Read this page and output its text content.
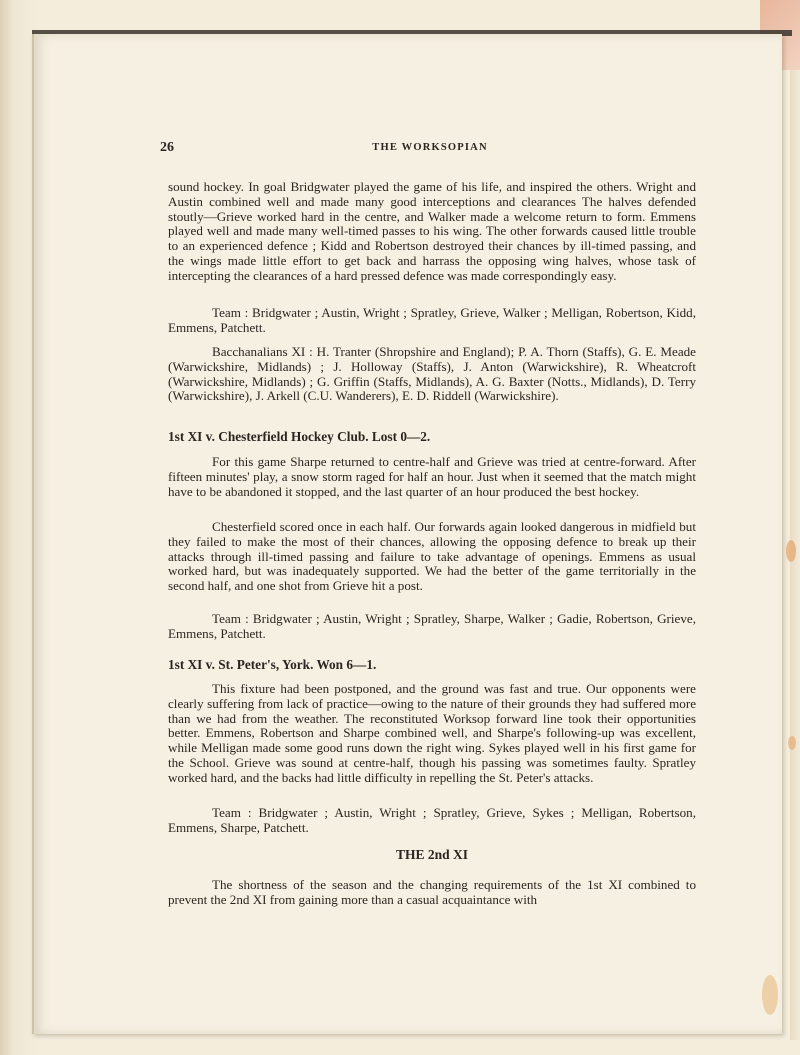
26	THE WORKSOPIAN

sound hockey. In goal Bridgwater played the game of his life, and inspired the others. Wright and Austin combined well and made many good interceptions and clearances The halves defended stoutly—Grieve worked hard in the centre, and Walker made a welcome return to form. Emmens played well and made many well-timed passes to his wing. The other forwards caused little trouble to an experienced defence ; Kidd and Robertson destroyed their chances by ill-timed passing, and the wings made little effort to get back and harrass the opposing wing halves, whose task of intercepting the clearances of a hard pressed defence was made correspondingly easy.

Team : Bridgwater ; Austin, Wright ; Spratley, Grieve, Walker ; Melligan, Robertson, Kidd, Emmens, Patchett.

Bacchanalians XI : H. Tranter (Shropshire and England); P. A. Thorn (Staffs), G. E. Meade (Warwickshire, Midlands) ; J. Holloway (Staffs), J. Anton (Warwickshire), R. Wheatcroft (Warwickshire, Midlands) ; G. Griffin (Staffs, Midlands), A. G. Baxter (Notts., Midlands), D. Terry (Warwickshire), J. Arkell (C.U. Wanderers), E. D. Riddell (Warwickshire).

1st XI v. Chesterfield Hockey Club. Lost 0—2.

For this game Sharpe returned to centre-half and Grieve was tried at centre-forward. After fifteen minutes' play, a snow storm raged for half an hour. Just when it seemed that the match might have to be abandoned it stopped, and the last quarter of an hour produced the best hockey.

Chesterfield scored once in each half. Our forwards again looked dangerous in midfield but they failed to make the most of their chances, allowing the opposing defence to break up their attacks through ill-timed passing and failure to take advantage of openings. Emmens as usual worked hard, but was inadequately supported. We had the better of the game territorially in the second half, and one shot from Grieve hit a post.

Team : Bridgwater ; Austin, Wright ; Spratley, Sharpe, Walker ; Gadie, Robertson, Grieve, Emmens, Patchett.

1st XI v. St. Peter's, York. Won 6—1.

This fixture had been postponed, and the ground was fast and true. Our opponents were clearly suffering from lack of practice—owing to the nature of their grounds they had suffered more than we had from the weather. The reconstituted Worksop forward line took their opportunities better. Emmens, Robertson and Sharpe combined well, and Sharpe's following-up was excellent, while Melligan made some good runs down the right wing. Sykes played well in his first game for the School. Grieve was sound at centre-half, though his passing was sometimes faulty. Spratley worked hard, and the backs had little difficulty in repelling the St. Peter's attacks.

Team : Bridgwater ; Austin, Wright ; Spratley, Grieve, Sykes ; Melligan, Robertson, Emmens, Sharpe, Patchett.

THE 2nd XI

The shortness of the season and the changing requirements of the 1st XI combined to prevent the 2nd XI from gaining more than a casual acquaintance with
